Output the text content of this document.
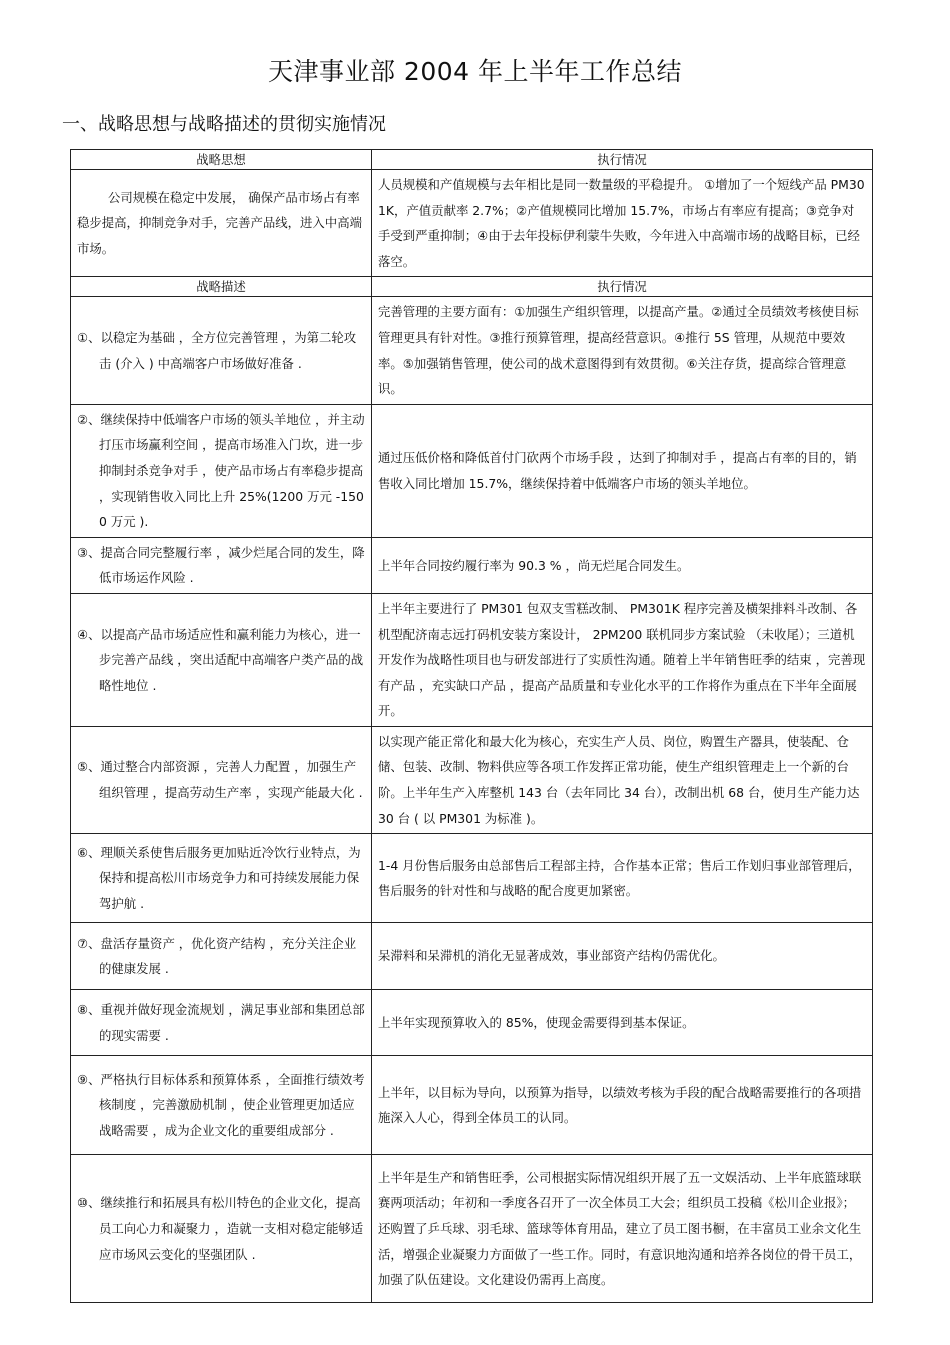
天津事业部 2004 年上半年工作总结
一、战略思想与战略描述的贯彻实施情况
战略思想	执行情况
公司规模在稳定中发展， 确保产品市场占有率稳步提高，抑制竞争对手，完善产品线，进入中高端市场。	人员规模和产值规模与去年相比是同一数量级的平稳提升。 ①增加了一个短线产品 PM301K，产值贡献率 2.7%；②产值规模同比增加 15.7%，市场占有率应有提高；③竞争对手受到严重抑制；④由于去年投标伊利蒙牛失败，今年进入中高端市场的战略目标，已经落空。
战略描述	执行情况

①、以稳定为基础 ，全方位完善管理 ，为第二轮攻击 (介入 ) 中高端客户市场做好准备 .	完善管理的主要方面有：①加强生产组织管理，以提高产量。②通过全员绩效考核使目标管理更具有针对性。③推行预算管理，提高经营意识。④推行 5S 管理，从规范中要效率。⑤加强销售管理，使公司的战术意图得到有效贯彻。⑥关注存货，提高综合管理意识。

②、继续保持中低端客户市场的领头羊地位 ，并主动打压市场赢利空间 ，提高市场准入门坎，进一步抑制封杀竞争对手 ，使产品市场占有率稳步提高 ，实现销售收入同比上升 25%(1200 万元 -1500 万元 ).	通过压低价格和降低首付门砍两个市场手段 ，达到了抑制对手 ，提高占有率的目的，销售收入同比增加 15.7%，继续保持着中低端客户市场的领头羊地位。

③、提高合同完整履行率 ，减少烂尾合同的发生，降低市场运作风险 .	上半年合同按约履行率为 90.3 % ，尚无烂尾合同发生。

④、以提高产品市场适应性和赢利能力为核心，进一步完善产品线 ，突出适配中高端客户类产品的战略性地位 .	上半年主要进行了 PM301 包双支雪糕改制、 PM301K 程序完善及横架排料斗改制、各机型配济南志远打码机安装方案设计， 2PM200 联机同步方案试验 （未收尾）；三道机开发作为战略性项目也与研发部进行了实质性沟通。随着上半年销售旺季的结束 ，完善现有产品 ，充实缺口产品 ，提高产品质量和专业化水平的工作将作为重点在下半年全面展开。

⑤、通过整合内部资源 ，完善人力配置 ，加强生产组织管理 ，提高劳动生产率 ，实现产能最大化 .	以实现产能正常化和最大化为核心，充实生产人员、岗位，购置生产器具，使装配、仓储、包装、改制、物料供应等各项工作发挥正常功能，使生产组织管理走上一个新的台阶。上半年生产入库整机 143 台（去年同比 34 台），改制出机 68 台，使月生产能力达 30 台 ( 以 PM301 为标准 )。

⑥、理顺关系使售后服务更加贴近冷饮行业特点，为保持和提高松川市场竞争力和可持续发展能力保驾护航 .	1-4 月份售后服务由总部售后工程部主持，合作基本正常；售后工作划归事业部管理后，售后服务的针对性和与战略的配合度更加紧密。

⑦、盘活存量资产 ，优化资产结构 ，充分关注企业的健康发展 .	呆滞料和呆滞机的消化无显著成效，事业部资产结构仍需优化。

⑧、重视并做好现金流规划 ，满足事业部和集团总部的现实需要 .	上半年实现预算收入的 85%，使现金需要得到基本保证。

⑨、严格执行目标体系和预算体系 ，全面推行绩效考核制度 ，完善激励机制 ，使企业管理更加适应战略需要 ，成为企业文化的重要组成部分 .	上半年，以目标为导向，以预算为指导，以绩效考核为手段的配合战略需要推行的各项措施深入人心，得到全体员工的认同。

⑩、继续推行和拓展具有松川特色的企业文化，提高员工向心力和凝聚力 ，造就一支相对稳定能够适应市场风云变化的坚强团队 .	上半年是生产和销售旺季，公司根据实际情况组织开展了五一文娱活动、上半年底篮球联赛两项活动；年初和一季度各召开了一次全体员工大会；组织员工投稿《松川企业报》；还购置了乒乓球、羽毛球、篮球等体育用品，建立了员工图书橱，在丰富员工业余文化生活，增强企业凝聚力方面做了一些工作。同时，有意识地沟通和培养各岗位的骨干员工，加强了队伍建设。文化建设仍需再上高度。
